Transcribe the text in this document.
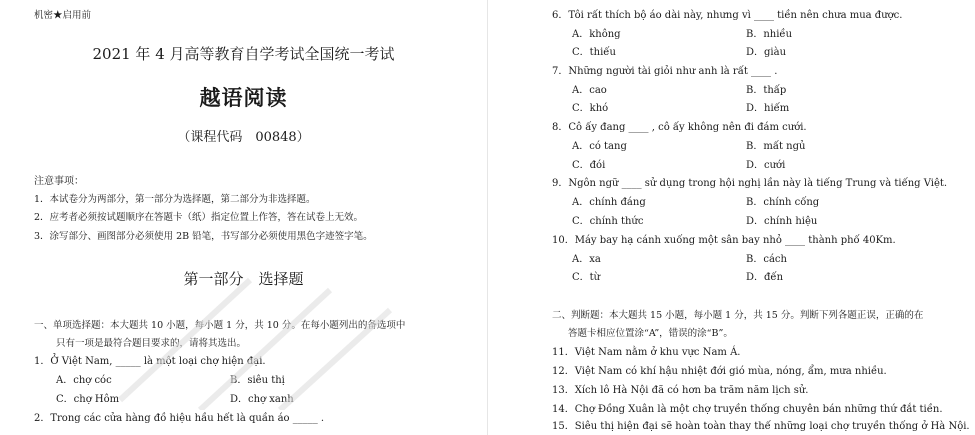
机密★启用前
2021 年 4 月高等教育自学考试全国统一考试
越语阅读
（课程代码　00848）
注意事项：
1．本试卷分为两部分，第一部分为选择题，第二部分为非选择题。
2．应考者必须按试题顺序在答题卡（纸）指定位置上作答，答在试卷上无效。
3．涂写部分、画图部分必须使用 2B 铅笔，书写部分必须使用黑色字迹签字笔。
第一部分　选择题
一、单项选择题：本大题共 10 小题，每小题 1 分，共 10 分。在每小题列出的备选项中
只有一项是最符合题目要求的，请将其选出。
1．Ở Việt Nam, _____ là một loại chợ hiện đại.
A．chợ cóc	B．siêu thị
C．chợ Hôm	D．chợ xanh
2．Trong các cửa hàng đồ hiệu hầu hết là quần áo _____ .
6．Tôi rất thích bộ áo dài này, nhưng vì ____ tiền nên chưa mua được.
A．không	B．nhiều
C．thiếu	D．giàu
7．Những người tài giỏi như anh là rất ____ .
A．cao	B．thấp
C．khó	D．hiếm
8．Cô ấy đang ____ , cô ấy không nên đi đám cưới.
A．có tang	B．mất ngủ
C．đói	D．cưới
9．Ngôn ngữ ____ sử dụng trong hội nghị lần này là tiếng Trung và tiếng Việt.
A．chính đáng	B．chính cống
C．chính thức	D．chính hiệu
10．Máy bay hạ cánh xuống một sân bay nhỏ ____ thành phố 40Km.
A．xa	B．cách
C．từ	D．đến
二、判断题：本大题共 15 小题，每小题 1 分，共 15 分。判断下列各题正误，正确的在
答题卡相应位置涂“A”，错误的涂“B”。
11．Việt Nam nằm ở khu vực Nam Á.
12．Việt Nam có khí hậu nhiệt đới gió mùa, nóng, ẩm, mưa nhiều.
13．Xích lô Hà Nội đã có hơn ba trăm năm lịch sử.
14．Chợ Đồng Xuân là một chợ truyền thống chuyên bán những thứ đắt tiền.
15．Siêu thị hiện đại sẽ hoàn toàn thay thế những loại chợ truyền thống ở Hà Nội.
